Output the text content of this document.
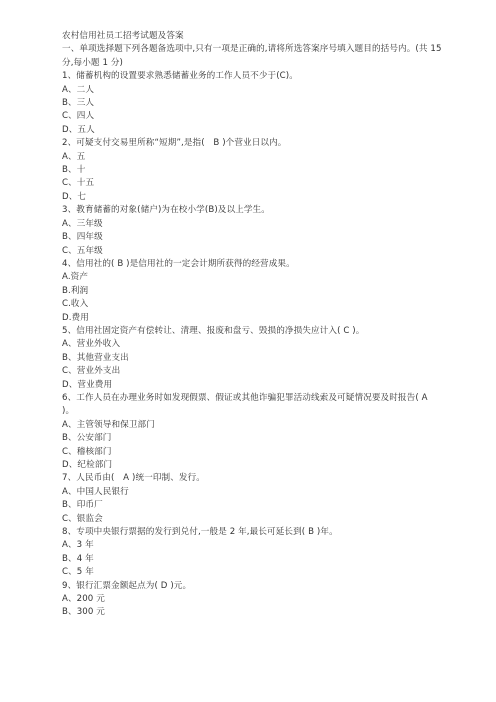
农村信用社员工招考试题及答案
一、单项选择题下列各题备选项中,只有一项是正确的,请将所选答案序号填入题目的括号内。(共 15 分,每小题 1 分)
1、储蓄机构的设置要求熟悉储蓄业务的工作人员不少于(C)。
A、二人
B、三人
C、四人
D、五人
2、可疑支付交易里所称“短期”,是指(　B )个营业日以内。
A、五
B、十
C、十五
D、七
3、教育储蓄的对象(储户)为在校小学(B)及以上学生。
A、三年级
B、四年级
C、五年级
4、信用社的( B )是信用社的一定会计期所获得的经营成果。
A.资产
B.利润
C.收入
D.费用
5、信用社固定资产有偿转让、清理、报废和盘亏、毁损的净损失应计入( C )。
A、营业外收入
B、其他营业支出
C、营业外支出
D、营业费用
6、工作人员在办理业务时如发现假票、假证或其他诈骗犯罪活动线索及可疑情况要及时报告( A )。
A、主管领导和保卫部门
B、公安部门
C、稽核部门
D、纪检部门
7、人民币由(　A )统一印制、发行。
A、中国人民银行
B、印币厂
C、银监会
8、专项中央银行票据的发行到兑付,一般是 2 年,最长可延长到( B )年。
A、3 年
B、4 年
C、5 年
9、银行汇票金额起点为( D )元。
A、200 元
B、300 元
